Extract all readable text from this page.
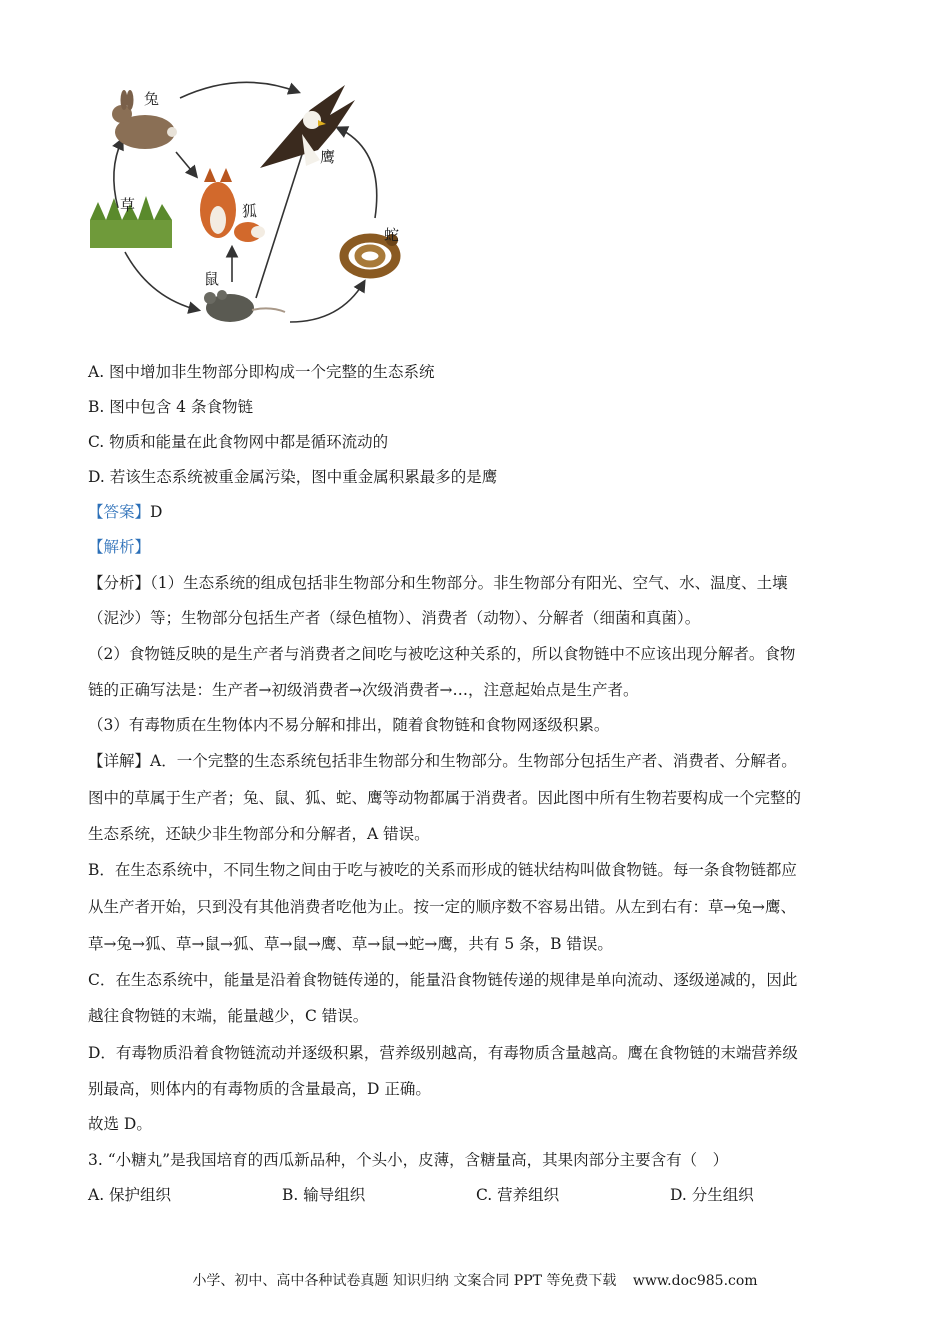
兔
鹰
草	狐
蛇
鼠
A. 图中增加非生物部分即构成一个完整的生态系统
B. 图中包含 4 条食物链
C. 物质和能量在此食物网中都是循环流动的
D. 若该生态系统被重金属污染，图中重金属积累最多的是鹰
【答案】D
【解析】
【分析】（1）生态系统的组成包括非生物部分和生物部分。非生物部分有阳光、空气、水、温度、土壤
（泥沙）等；生物部分包括生产者（绿色植物）、消费者（动物）、分解者（细菌和真菌）。
（2）食物链反映的是生产者与消费者之间吃与被吃这种关系的，所以食物链中不应该出现分解者。食物
链的正确写法是：生产者→初级消费者→次级消费者→…，注意起始点是生产者。
（3）有毒物质在生物体内不易分解和排出，随着食物链和食物网逐级积累。
【详解】A．一个完整的生态系统包括非生物部分和生物部分。生物部分包括生产者、消费者、分解者。
图中的草属于生产者；兔、鼠、狐、蛇、鹰等动物都属于消费者。因此图中所有生物若要构成一个完整的
生态系统，还缺少非生物部分和分解者，A 错误。
B．在生态系统中，不同生物之间由于吃与被吃的关系而形成的链状结构叫做食物链。每一条食物链都应
从生产者开始，只到没有其他消费者吃他为止。按一定的顺序数不容易出错。从左到右有：草→兔→鹰、
草→兔→狐、草→鼠→狐、草→鼠→鹰、草→鼠→蛇→鹰，共有 5 条，B 错误。
C．在生态系统中，能量是沿着食物链传递的，能量沿食物链传递的规律是单向流动、逐级递减的，因此
越往食物链的末端，能量越少，C 错误。
D．有毒物质沿着食物链流动并逐级积累，营养级别越高，有毒物质含量越高。鹰在食物链的末端营养级
别最高，则体内的有毒物质的含量最高，D 正确。
故选 D。
3. “小糖丸”是我国培育的西瓜新品种，个头小，皮薄，含糖量高，其果肉部分主要含有（　）
A. 保护组织	B. 输导组织	C. 营养组织	D. 分生组织
小学、初中、高中各种试卷真题 知识归纳 文案合同 PPT 等免费下载 www.doc985.com
